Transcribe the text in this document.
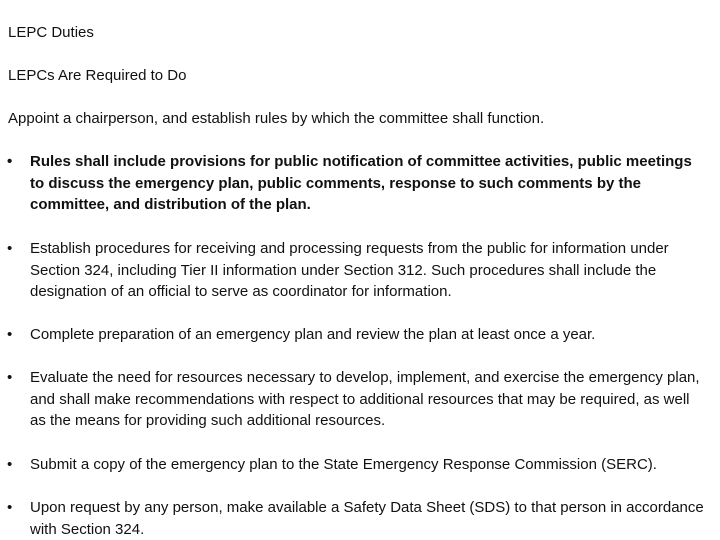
LEPC Duties
LEPCs Are Required to Do
Appoint a chairperson, and establish rules by which the committee shall function.
•	Rules shall include provisions for public notification of committee activities, public meetings to discuss the emergency plan, public comments, response to such comments by the committee, and distribution of the plan.
•	Establish procedures for receiving and processing requests from the public for information under Section 324, including Tier II information under Section 312. Such procedures shall include the designation of an official to serve as coordinator for information.
•	Complete preparation of an emergency plan and review the plan at least once a year.
•	Evaluate the need for resources necessary to develop, implement, and exercise the emergency plan, and shall make recommendations with respect to additional resources that may be required, as well as the means for providing such additional resources.
•	Submit a copy of the emergency plan to the State Emergency Response Commission (SERC).
•	Upon request by any person, make available a Safety Data Sheet (SDS) to that person in accordance with Section 324.
